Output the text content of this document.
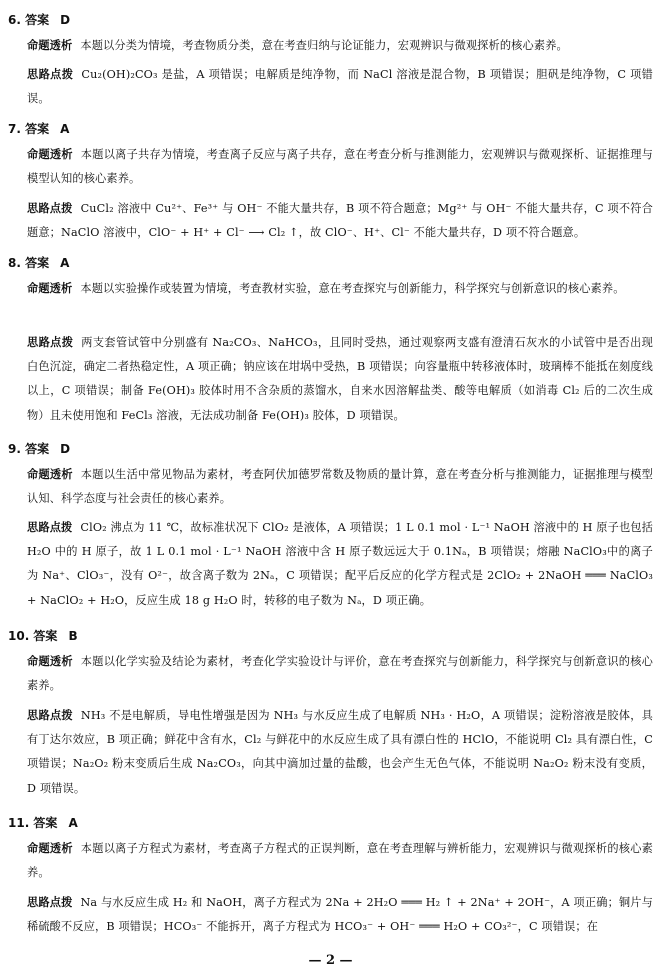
6. 答案 D
命题透析 本题以分类为情境，考查物质分类，意在考查归纳与论证能力，宏观辨识与微观探析的核心素养。
思路点拨 Cu₂(OH)₂CO₃ 是盐，A 项错误；电解质是纯净物，而 NaCl 溶液是混合物，B 项错误；胆矾是纯净物，C 项错误。
7. 答案 A
命题透析 本题以离子共存为情境，考查离子反应与离子共存，意在考查分析与推测能力，宏观辨识与微观探析、证据推理与模型认知的核心素养。
思路点拨 CuCl₂ 溶液中 Cu²⁺、Fe³⁺ 与 OH⁻ 不能大量共存，B 项不符合题意；Mg²⁺ 与 OH⁻ 不能大量共存，C 项不符合题意；NaClO 溶液中，ClO⁻ + H⁺ + Cl⁻ ⟶ Cl₂ ↑，故 ClO⁻、H⁺、Cl⁻ 不能大量共存，D 项不符合题意。
8. 答案 A
命题透析 本题以实验操作或装置为情境，考查教材实验，意在考查探究与创新能力，科学探究与创新意识的核心素养。
思路点拨 两支套管试管中分别盛有 Na₂CO₃、NaHCO₃，且同时受热，通过观察两支盛有澄清石灰水的小试管中是否出现白色沉淀，确定二者热稳定性，A 项正确；钠应该在坩埚中受热，B 项错误；向容量瓶中转移液体时，玻璃棒不能抵在刻度线以上，C 项错误；制备 Fe(OH)₃ 胶体时用不含杂质的蒸馏水，自来水因溶解盐类、酸等电解质（如消毒 Cl₂ 后的二次生成物）且未使用饱和 FeCl₃ 溶液，无法成功制备 Fe(OH)₃ 胶体，D 项错误。
9. 答案 D
命题透析 本题以生活中常见物品为素材，考查阿伏加德罗常数及物质的量计算，意在考查分析与推测能力，证据推理与模型认知、科学态度与社会责任的核心素养。
思路点拨 ClO₂ 沸点为 11 ℃，故标准状况下 ClO₂ 是液体，A 项错误；1 L 0.1 mol · L⁻¹ NaOH 溶液中的 H 原子也包括 H₂O 中的 H 原子，故 1 L 0.1 mol · L⁻¹ NaOH 溶液中含 H 原子数远远大于 0.1Nₐ，B 项错误；熔融 NaClO₃中的离子为 Na⁺、ClO₃⁻，没有 O²⁻，故含离子数为 2Nₐ，C 项错误；配平后反应的化学方程式是 2ClO₂ + 2NaOH ═══ NaClO₃ + NaClO₂ + H₂O，反应生成 18 g H₂O 时，转移的电子数为 Nₐ，D 项正确。
10. 答案 B
命题透析 本题以化学实验及结论为素材，考查化学实验设计与评价，意在考查探究与创新能力，科学探究与创新意识的核心素养。
思路点拨 NH₃ 不是电解质，导电性增强是因为 NH₃ 与水反应生成了电解质 NH₃ · H₂O，A 项错误；淀粉溶液是胶体，具有丁达尔效应，B 项正确；鲜花中含有水，Cl₂ 与鲜花中的水反应生成了具有漂白性的 HClO，不能说明 Cl₂ 具有漂白性，C 项错误；Na₂O₂ 粉末变质后生成 Na₂CO₃，向其中滴加过量的盐酸，也会产生无色气体，不能说明 Na₂O₂ 粉末没有变质，D 项错误。
11. 答案 A
命题透析 本题以离子方程式为素材，考查离子方程式的正误判断，意在考查理解与辨析能力，宏观辨识与微观探析的核心素养。
思路点拨 Na 与水反应生成 H₂ 和 NaOH，离子方程式为 2Na + 2H₂O ═══ H₂ ↑ + 2Na⁺ + 2OH⁻，A 项正确；铜片与稀硫酸不反应，B 项错误；HCO₃⁻ 不能拆开，离子方程式为 HCO₃⁻ + OH⁻ ═══ H₂O + CO₃²⁻，C 项错误；在
— 2 —
